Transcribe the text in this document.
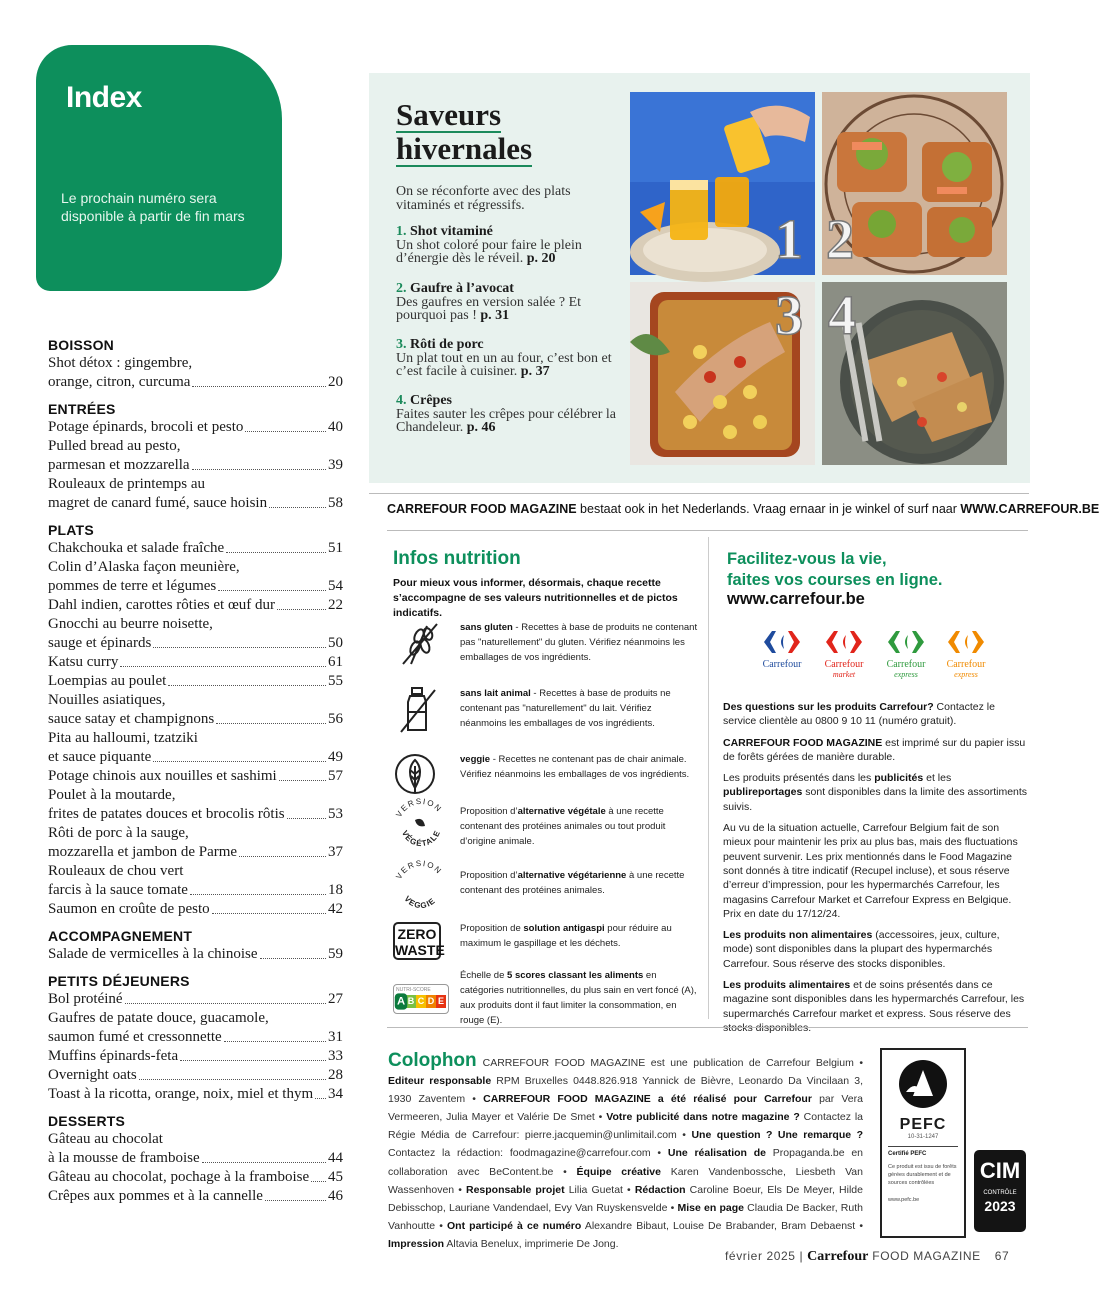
Index
Le prochain numéro sera disponible à partir de fin mars
BOISSON
Shot détox : gingembre,
orange, citron, curcuma	20
ENTRÉES
Potage épinards, brocoli et pesto	40
Pulled bread au pesto,
parmesan et mozzarella	39
Rouleaux de printemps au
magret de canard fumé, sauce hoisin	58
PLATS
Chakchouka et salade fraîche	51
Colin d’Alaska façon meunière,
pommes de terre et légumes	54
Dahl indien, carottes rôties et œuf dur	22
Gnocchi au beurre noisette,
sauge et épinards	50
Katsu curry	61
Loempias au poulet	55
Nouilles asiatiques,
sauce satay et champignons	56
Pita au halloumi, tzatziki
et sauce piquante	49
Potage chinois aux nouilles et sashimi	57
Poulet à la moutarde,
frites de patates douces et brocolis rôtis	53
Rôti de porc à la sauge,
mozzarella et jambon de Parme	37
Rouleaux de chou vert
farcis à la sauce tomate	18
Saumon en croûte de pesto	42
ACCOMPAGNEMENT
Salade de vermicelles à la chinoise	59
PETITS DÉJEUNERS
Bol protéiné	27
Gaufres de patate douce, guacamole,
saumon fumé et cressonnette	31
Muffins épinards-feta	33
Overnight oats	28
Toast à la ricotta, orange, noix, miel et thym 34
DESSERTS
Gâteau au chocolat
à la mousse de framboise	44
Gâteau au chocolat, pochage à la framboise 45
Crêpes aux pommes et à la cannelle	46
Saveurs
hivernales
On se réconforte avec des plats vitaminés et régressifs.
1. Shot vitaminé
Un shot coloré pour faire le plein d’énergie dès le réveil. p. 20
2. Gaufre à l’avocat
Des gaufres en version salée ? Et pourquoi pas ! p. 31
3. Rôti de porc
Un plat tout en un au four, c’est bon et c’est facile à cuisiner. p. 37
4. Crêpes
Faites sauter les crêpes pour célébrer la Chandeleur. p. 46
1 2
3 4
CARREFOUR FOOD MAGAZINE bestaat ook in het Nederlands. Vraag ernaar in je winkel of surf naar WWW.CARREFOUR.BE
Infos nutrition
Pour mieux vous informer, désormais, chaque recette s’accompagne de ses valeurs nutritionnelles et de pictos indicatifs.
sans gluten - Recettes à base de produits ne contenant pas "naturellement" du gluten. Vérifiez néanmoins les emballages de vos ingrédients.
sans lait animal - Recettes à base de produits ne contenant pas "naturellement" du lait. Vérifiez néanmoins les emballages de vos ingrédients.
veggie - Recettes ne contenant pas de chair animale. Vérifiez néanmoins les emballages de vos ingrédients.
VERSION
VÉGÉTALE
Proposition d’alternative végétale à une recette contenant des protéines animales ou tout produit d’origine animale.
VERSION
VEGGIE
Proposition d’alternative végétarienne à une recette contenant des protéines animales.
ZERO
WASTE
Proposition de solution antigaspi pour réduire au maximum le gaspillage et les déchets.
NUTRI-SCORE
A B C D E
Échelle de 5 scores classant les aliments en catégories nutritionnelles, du plus sain en vert foncé (A), aux produits dont il faut limiter la consommation, en rouge (E).
Facilitez-vous la vie,
faites vos courses en ligne.
www.carrefour.be
Carrefour	Carrefour
market
Carrefour
express
Carrefour
express

Des questions sur les produits Carrefour? Contactez le service clientèle au 0800 9 10 11 (numéro gratuit).

CARREFOUR FOOD MAGAZINE est imprimé sur du papier issu de forêts gérées de manière durable.

Les produits présentés dans les publicités et les publireportages sont disponibles dans la limite des assortiments suivis.

Au vu de la situation actuelle, Carrefour Belgium fait de son mieux pour maintenir les prix au plus bas, mais des fluctuations peuvent survenir. Les prix mentionnés dans le Food Magazine sont donnés à titre indicatif (Recupel incluse), et sous réserve d’erreur d’impression, pour les hypermarchés Carrefour, les magasins Carrefour Market et Carrefour Express en Belgique. Prix en date du 17/12/24.

Les produits non alimentaires (accessoires, jeux, culture, mode) sont disponibles dans la plupart des hypermarchés Carrefour. Sous réserve des stocks disponibles.

Les produits alimentaires et de soins présentés dans ce magazine sont disponibles dans les hypermarchés Carrefour, les supermarchés Carrefour market et express. Sous réserve des

Colophon CARREFOUR FOOD MAGAZINE est une publication de Carrefour Belgium • Editeur responsable RPM Bruxelles 0448.826.918 Yannick de Bièvre, Leonardo Da Vincilaan 3, 1930 Zaventem • CARREFOUR FOOD MAGAZINE a été réalisé pour Carrefour par Vera Vermeeren, Julia Mayer et Valérie De Smet • Votre publicité dans notre magazine ? Contactez la Régie Média de Carrefour: pierre.jacquemin@unlimitail.com • Une question ? Une remarque ? Contactez la rédaction: foodmagazine@carrefour.com • Une réalisation de Propaganda.be en collaboration avec BeContent.be • Équipe créative Karen Vandenbossche, Liesbeth Van Wassenhoven • Responsable projet Lilia Guetat • Rédaction Caroline Boeur, Els De Meyer, Hilde Debisschop, Lauriane Vandendael, Evy Van Ruyskensvelde • Mise en page Claudia De Backer, Ruth Vanhoutte • Ont participé à ce numéro Alexandre Bibaut, Louise De Brabander, Bram Debaenst • Impression Altavia Benelux, imprimerie De Jong.
PEFC
10-31-1247
Certifié PEFC
Ce produit est issu de forêts gérées durablement et de sources contrôlées
www.pefc.be
CIM
CONTRÔLE
2023
février 2025 | Carrefour FOOD MAGAZINE 67
